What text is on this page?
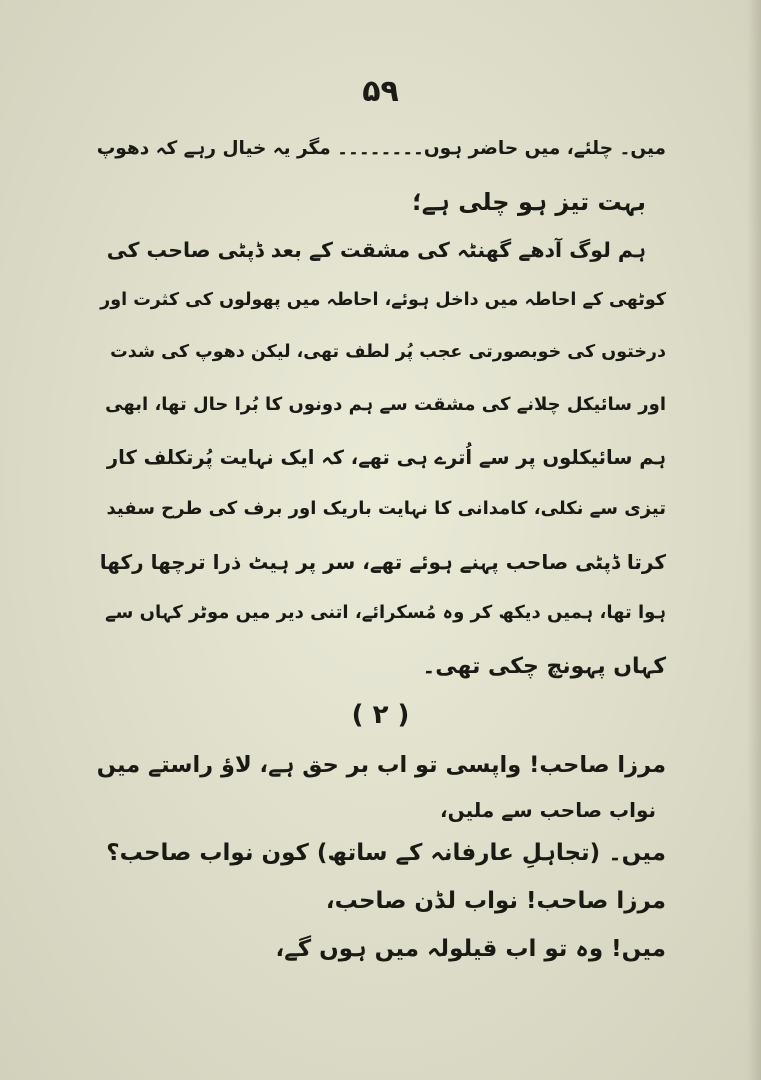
۵۹
میں۔ چلئے، میں حاضر ہوں۔۔۔۔۔۔۔۔ مگر یہ خیال رہے کہ دھوپ
بہت تیز ہو چلی ہے؛
ہم لوگ آدھے گھنٹہ کی مشقت کے بعد ڈپٹی صاحب کی
کوٹھی کے احاطہ میں داخل ہوئے، احاطہ میں پھولوں کی کثرت اور
درختوں کی خوبصورتی عجب پُر لطف تھی، لیکن دھوپ کی شدت
اور سائیکل چلانے کی مشقت سے ہم دونوں کا بُرا حال تھا، ابھی
ہم سائیکلوں پر سے اُترے ہی تھے، کہ ایک نہایت پُرتکلف کار
تیزی سے نکلی، کامدانی کا نہایت باریک اور برف کی طرح سفید
کرتا ڈپٹی صاحب پہنے ہوئے تھے، سر پر ہیٹ ذرا ترچھا رکھا
ہوا تھا، ہمیں دیکھ کر وہ مُسکرائے، اتنی دیر میں موٹر کہاں سے
کہاں پہونچ چکی تھی۔
( ۲ )
مرزا صاحب! واپسی تو اب بر حق ہے، لاؤ راستے میں
نواب صاحب سے ملیں،
میں۔ (تجاہلِ عارفانہ کے ساتھ) کون نواب صاحب؟
مرزا صاحب! نواب لڈن صاحب،
میں! وہ تو اب قیلولہ میں ہوں گے،
